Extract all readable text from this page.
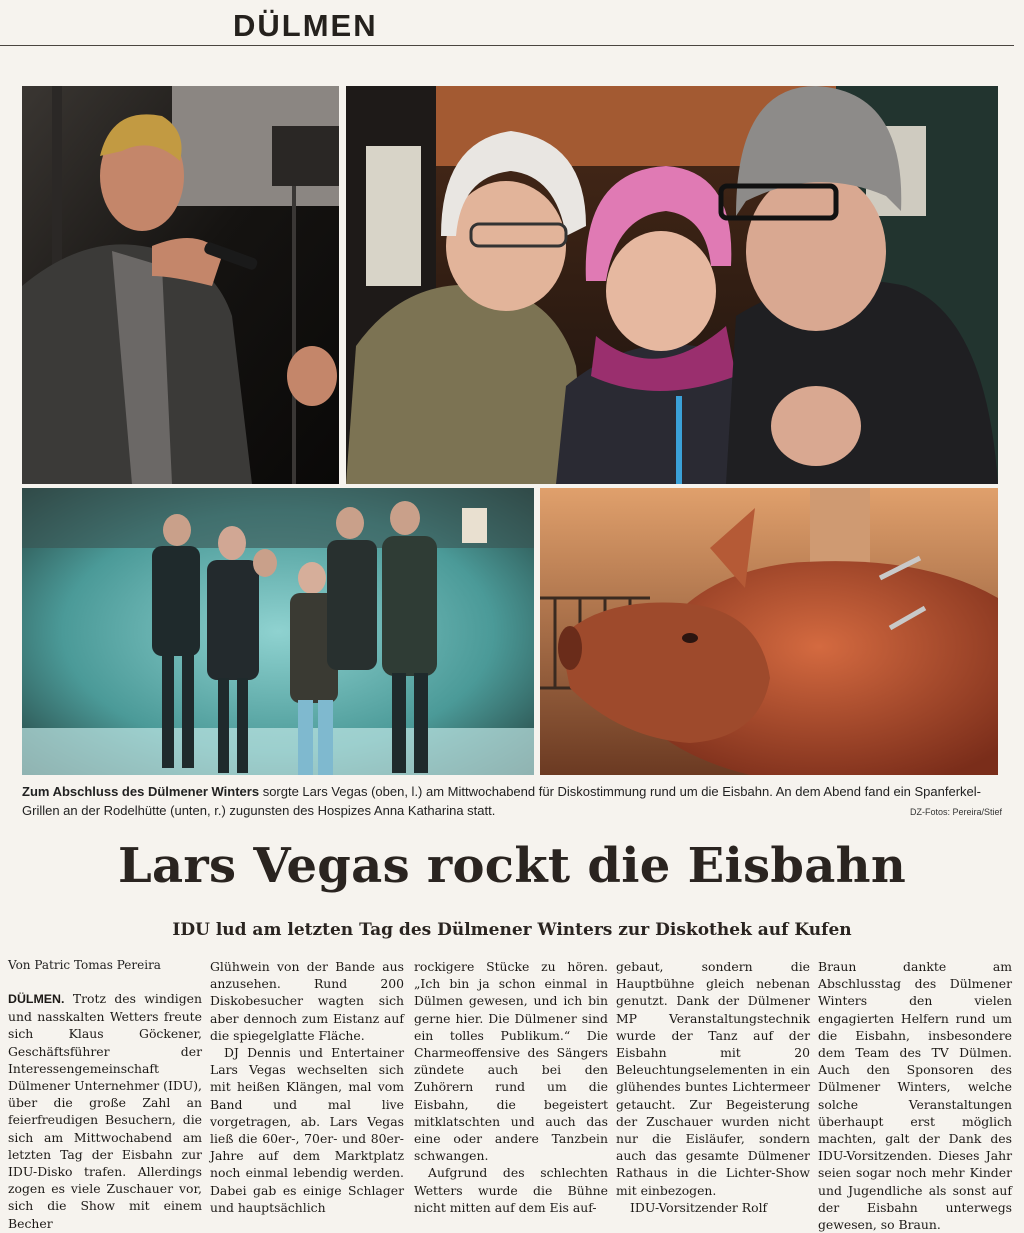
DÜLMEN
Zum Abschluss des Dülmener Winters sorgte Lars Vegas (oben, l.) am Mittwochabend für Diskostimmung rund um die Eisbahn. An dem Abend fand ein Spanferkel-Grillen an der Rodelhütte (unten, r.) zugunsten des Hospizes Anna Katharina statt.	DZ-Fotos: Pereira/Stief
Lars Vegas rockt die Eisbahn
IDU lud am letzten Tag des Dülmener Winters zur Diskothek auf Kufen
Von Patric Tomas Pereira

DÜLMEN. Trotz des windigen und nasskalten Wetters freute sich Klaus Göckener, Geschäftsführer der Interessengemeinschaft Dülmener Unternehmer (IDU), über die große Zahl an feierfreudigen Besuchern, die sich am Mittwochabend am letzten Tag der Eisbahn zur IDU-Disko trafen. Allerdings zogen es viele Zuschauer vor, sich die Show mit einem Becher

Glühwein von der Bande aus anzusehen. Rund 200 Diskobesucher wagten sich aber dennoch zum Eistanz auf die spiegelglatte Fläche.

DJ Dennis und Entertainer Lars Vegas wechselten sich mit heißen Klängen, mal vom Band und mal live vorgetragen, ab. Lars Vegas ließ die 60er-, 70er- und 80er-Jahre auf dem Marktplatz noch einmal lebendig werden. Dabei gab es einige Schlager und hauptsächlich

rockigere Stücke zu hören. „Ich bin ja schon einmal in Dülmen gewesen, und ich bin gerne hier. Die Dülmener sind ein tolles Publikum.“ Die Charmeoffensive des Sängers zündete auch bei den Zuhörern rund um die Eisbahn, die begeistert mitklatschten und auch das eine oder andere Tanzbein schwangen.

Aufgrund des schlechten Wetters wurde die Bühne nicht mitten auf dem Eis auf-

gebaut, sondern die Hauptbühne gleich nebenan genutzt. Dank der Dülmener MP Veranstaltungstechnik wurde der Tanz auf der Eisbahn mit 20 Beleuchtungselementen in ein glühendes buntes Lichtermeer getaucht. Zur Begeisterung der Zuschauer wurden nicht nur die Eisläufer, sondern auch das gesamte Dülmener Rathaus in die Lichter-Show mit einbezogen.

IDU-Vorsitzender Rolf

Braun dankte am Abschlusstag des Dülmener Winters den vielen engagierten Helfern rund um die Eisbahn, insbesondere dem Team des TV Dülmen. Auch den Sponsoren des Dülmener Winters, welche solche Veranstaltungen überhaupt erst möglich machten, galt der Dank des IDU-Vorsitzenden. Dieses Jahr seien sogar noch mehr Kinder und Jugendliche als sonst auf der Eisbahn unterwegs gewesen, so Braun.
